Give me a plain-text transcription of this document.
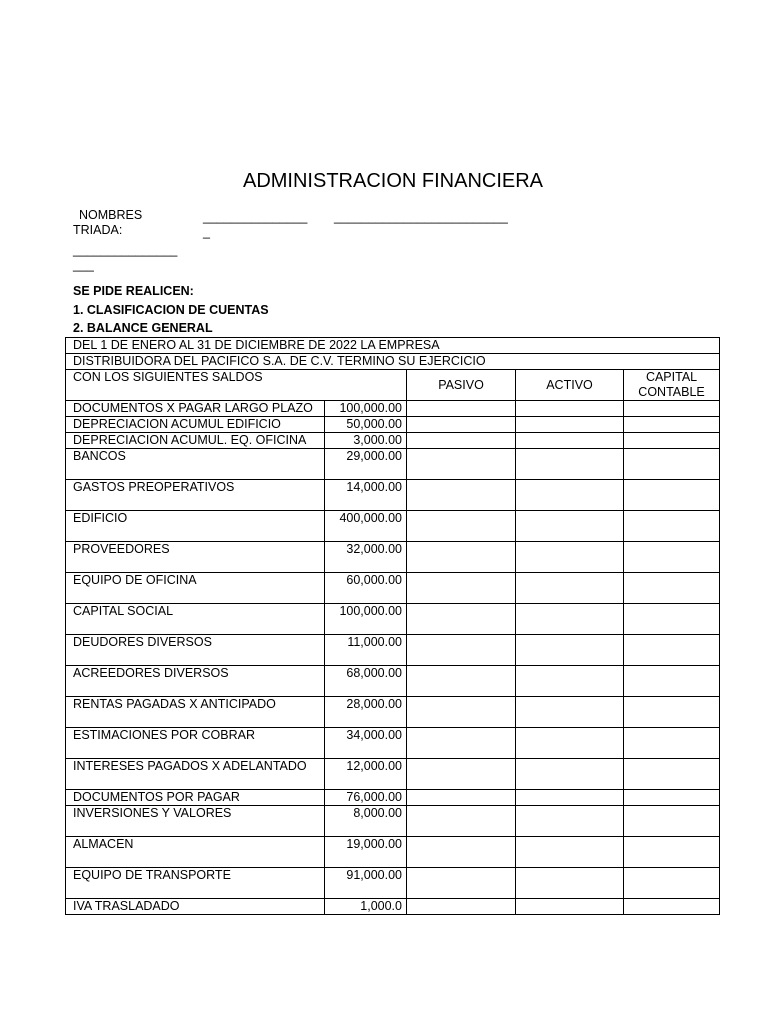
ADMINISTRACION FINANCIERA
NOMBRES
TRIADA:
_______________ _________________________
_
_______________
___
SE PIDE REALICEN:
1. CLASIFICACION DE CUENTAS
2. BALANCE GENERAL
DEL 1 DE ENERO AL 31 DE DICIEMBRE DE 2022 LA EMPRESA				
DISTRIBUIDORA DEL PACIFICO S.A. DE C.V. TERMINO SU EJERCICIO				
CON LOS SIGUIENTES SALDOS		PASIVO	ACTIVO	CAPITAL CONTABLE
DOCUMENTOS X PAGAR LARGO PLAZO	100,000.00			
DEPRECIACION ACUMUL EDIFICIO	50,000.00			
DEPRECIACION ACUMUL. EQ. OFICINA	3,000.00			
BANCOS	29,000.00			
GASTOS PREOPERATIVOS	14,000.00			
EDIFICIO	400,000.00			
PROVEEDORES	32,000.00			
EQUIPO DE OFICINA	60,000.00			
CAPITAL SOCIAL	100,000.00			
DEUDORES DIVERSOS	11,000.00			
ACREEDORES DIVERSOS	68,000.00			
RENTAS PAGADAS X ANTICIPADO	28,000.00			
ESTIMACIONES POR COBRAR	34,000.00			
INTERESES PAGADOS X ADELANTADO	12,000.00			
DOCUMENTOS POR PAGAR	76,000.00			
INVERSIONES Y VALORES	8,000.00			
ALMACEN	19,000.00			
EQUIPO DE TRANSPORTE	91,000.00			
IVA TRASLADADO	1,000.0			
